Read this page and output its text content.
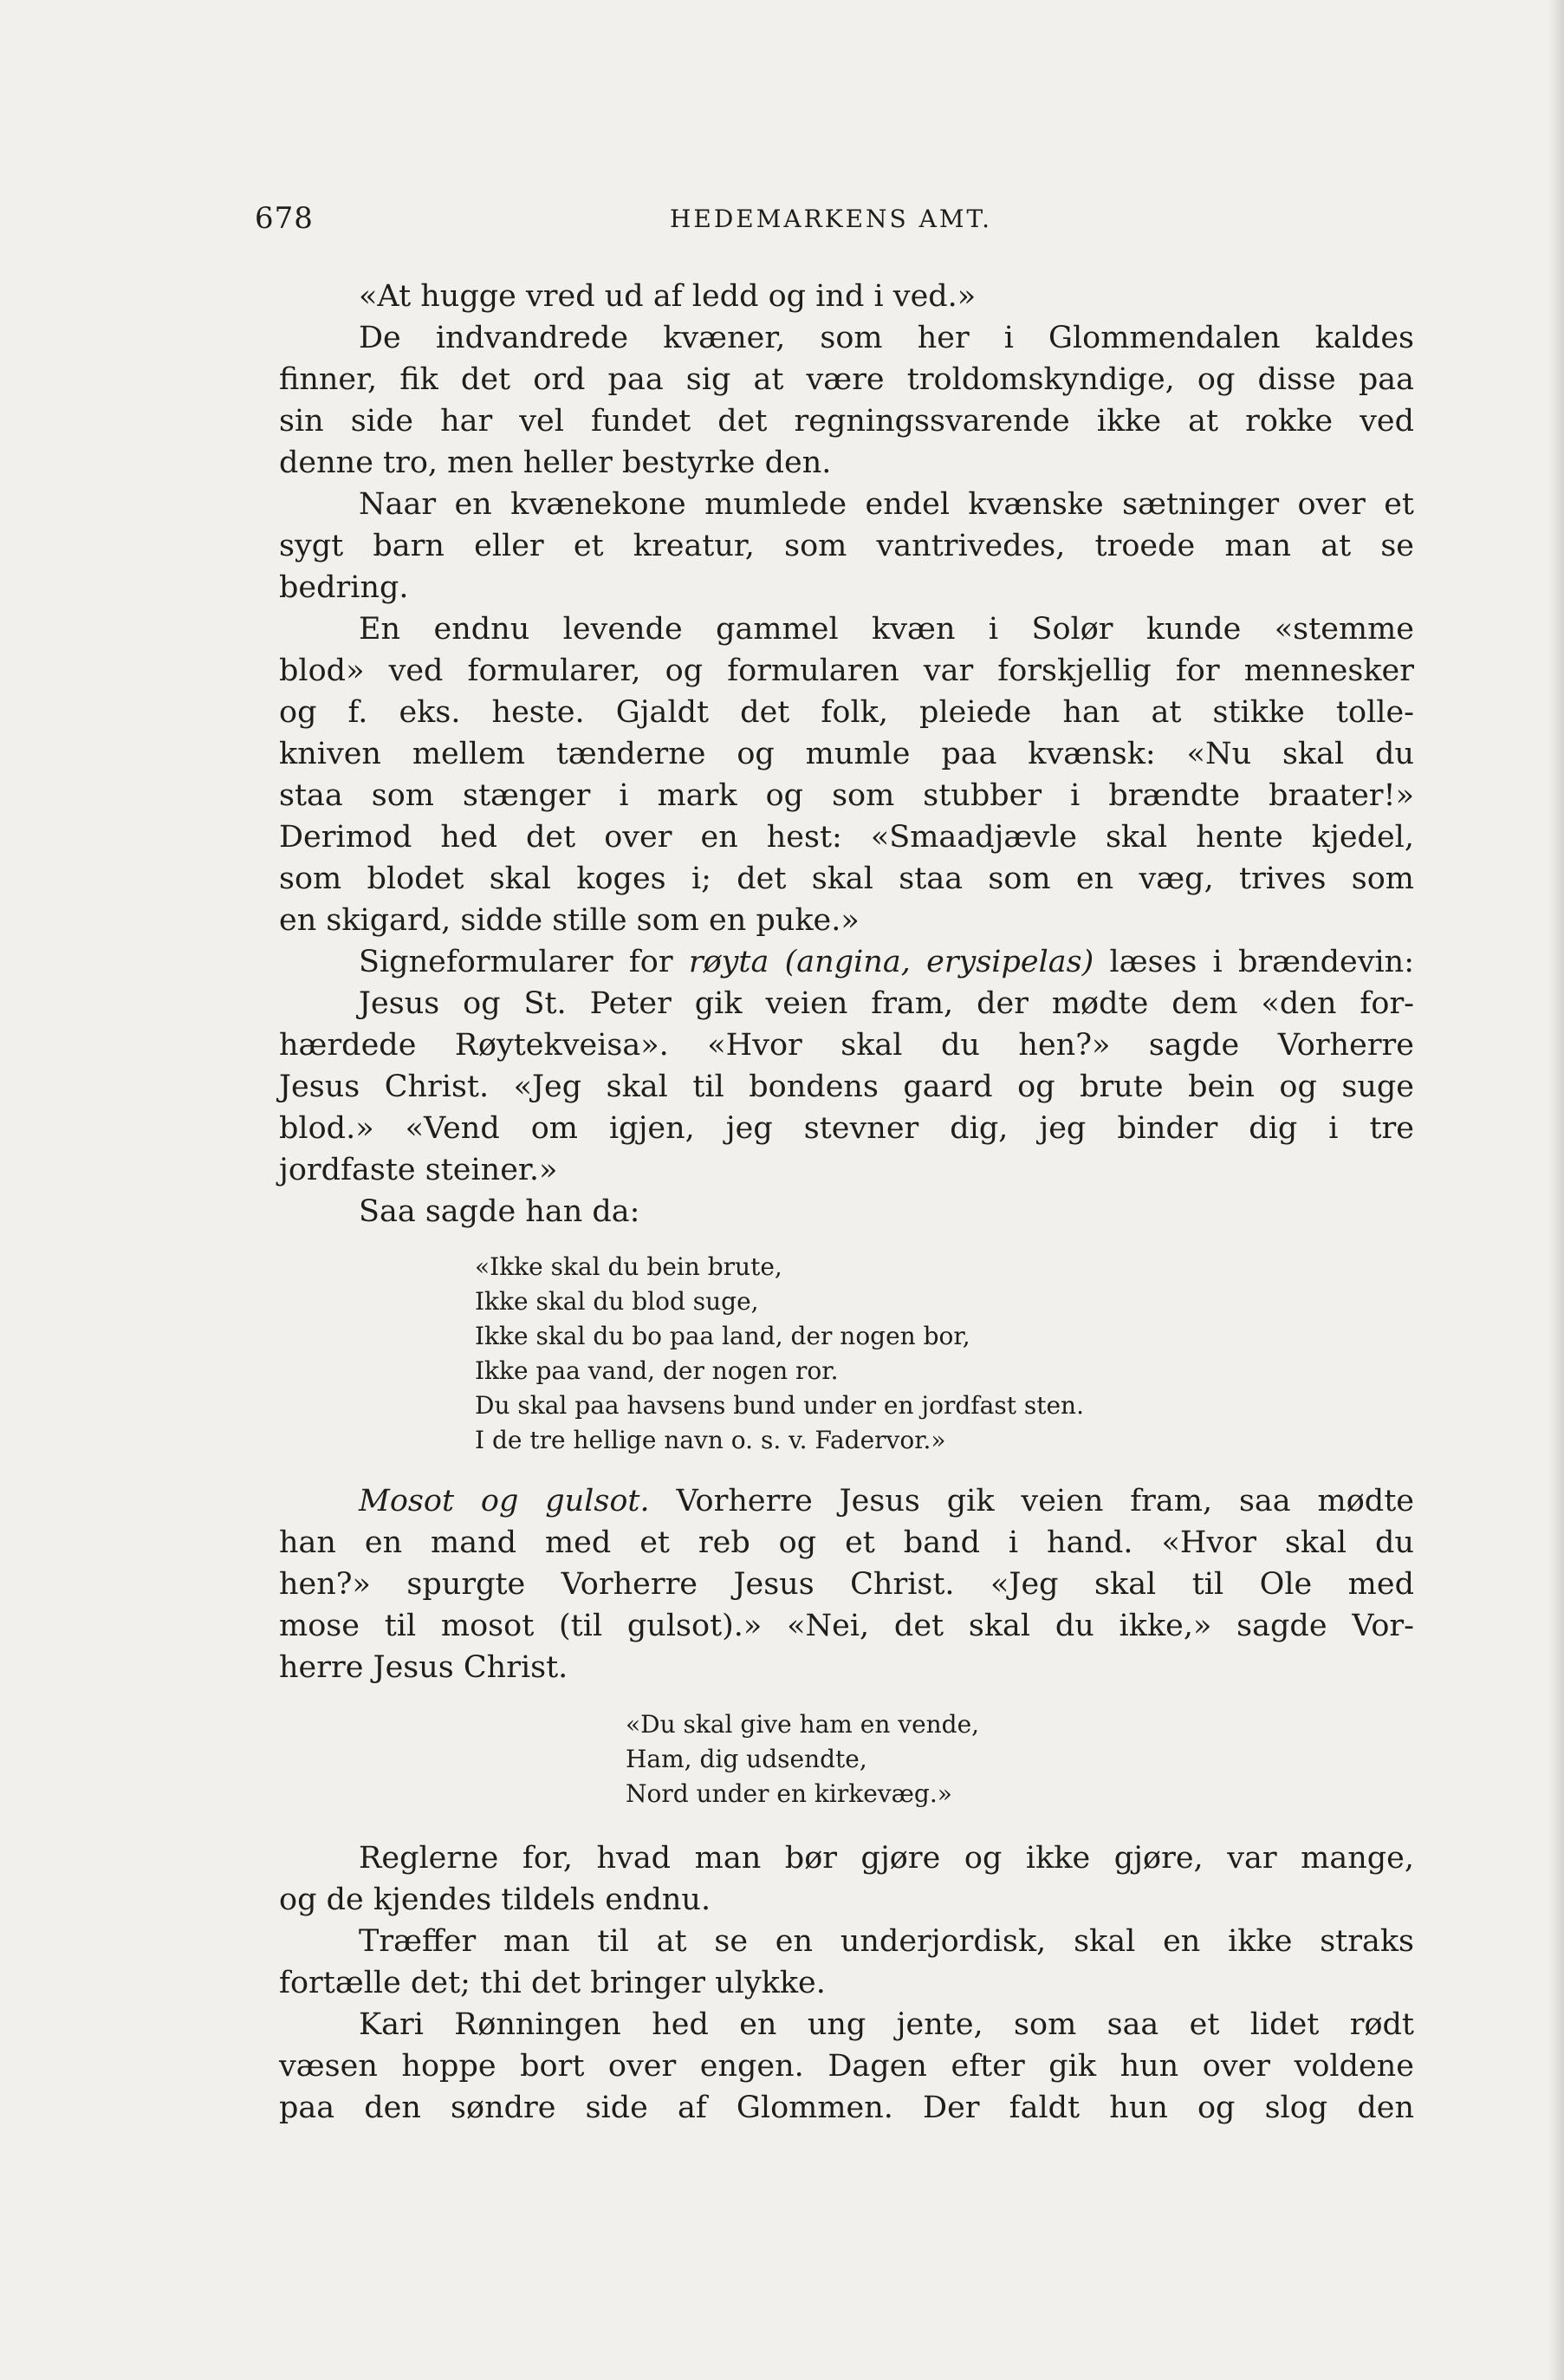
678	HEDEMARKENS AMT.
«At hugge vred ud af ledd og ind i ved.»
De indvandrede kvæner, som her i Glommendalen kaldes
finner, fik det ord paa sig at være troldomskyndige, og disse paa
sin side har vel fundet det regningssvarende ikke at rokke ved
denne tro, men heller bestyrke den.
Naar en kvænekone mumlede endel kvænske sætninger over et
sygt barn eller et kreatur, som vantrivedes, troede man at se
bedring.
En endnu levende gammel kvæn i Solør kunde «stemme
blod» ved formularer, og formularen var forskjellig for mennesker
og f. eks. heste. Gjaldt det folk, pleiede han at stikke tolle-
kniven mellem tænderne og mumle paa kvænsk: «Nu skal du
staa som stænger i mark og som stubber i brændte braater!»
Derimod hed det over en hest: «Smaadjævle skal hente kjedel,
som blodet skal koges i; det skal staa som en væg, trives som
en skigard, sidde stille som en puke.»
Signeformularer for røyta (angina, erysipelas) læses i brændevin:
Jesus og St. Peter gik veien fram, der mødte dem «den for-
hærdede Røytekveisa». «Hvor skal du hen?» sagde Vorherre
Jesus Christ. «Jeg skal til bondens gaard og brute bein og suge
blod.» «Vend om igjen, jeg stevner dig, jeg binder dig i tre
jordfaste steiner.»
Saa sagde han da:
«Ikke skal du bein brute,
Ikke skal du blod suge,
Ikke skal du bo paa land, der nogen bor,
Ikke paa vand, der nogen ror.
Du skal paa havsens bund under en jordfast sten.
I de tre hellige navn o. s. v. Fadervor.»
Mosot og gulsot. Vorherre Jesus gik veien fram, saa mødte
han en mand med et reb og et band i hand. «Hvor skal du
hen?» spurgte Vorherre Jesus Christ. «Jeg skal til Ole med
mose til mosot (til gulsot).» «Nei, det skal du ikke,» sagde Vor-
herre Jesus Christ.
«Du skal give ham en vende,
Ham, dig udsendte,
Nord under en kirkevæg.»
Reglerne for, hvad man bør gjøre og ikke gjøre, var mange,
og de kjendes tildels endnu.
Træffer man til at se en underjordisk, skal en ikke straks
fortælle det; thi det bringer ulykke.
Kari Rønningen hed en ung jente, som saa et lidet rødt
væsen hoppe bort over engen. Dagen efter gik hun over voldene
paa den søndre side af Glommen. Der faldt hun og slog den
